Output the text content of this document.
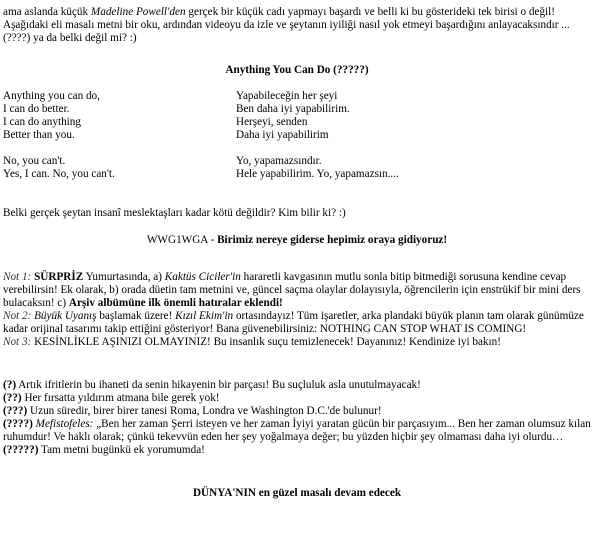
ama aslanda küçük Madeline Powell'den gerçek bir küçük cadı yapmayı başardı ve belli ki bu gösterideki tek birisi o değil! Aşağıdaki eli masalı metni bir oku, ardından videoyu da izle ve şeytanın iyiliği nasıl yok etmeyi başardığını anlayacaksındır ... (????) ya da belki değil mi? :)

Anything You Can Do (?????)

Anything you can do,	Yapabileceğin her şeyi
I can do better.	Ben daha iyi yapabilirim.
I can do anything	Herşeyi, senden
Better than you.	Daha iyi yapabilirim
No, you can't.	Yo, yapamazsındır.
Yes, I can. No, you can't.	Hele yapabilirim. Yo, yapamazsın....

Belki gerçek şeytan insanî meslektaşları kadar kötü değildir? Kim bilir ki? :)

WWG1WGA - Birimiz nereye giderse hepimiz oraya gidiyoruz!

Not 1: SÜRPRİZ Yumurtasında, a) Kaktüs Ciciler'in hararetli kavgasının mutlu sonla bitip bitmediği sorusuna kendine cevap verebilirsin! Ek olarak, b) orada düetin tam metnini ve, güncel saçma olaylar dolayısıyla, öğrencilerin için enstrükif bir mini ders bulacaksın! c) Arşiv albümüne ilk önemli hatıralar eklendi!

Not 2: Büyük Uyanış başlamak üzere! Kızıl Ekim'in ortasındayız! Tüm işaretler, arka plandaki büyük planın tam olarak günümüze kadar orijinal tasarımı takip ettiğini gösteriyor! Bana güvenebilirsiniz: NOTHING CAN STOP WHAT IS COMING!

Not 3: KESİNLİKLE AŞINIZI OLMAYINIZ! Bu insanlık suçu temizlenecek! Dayanınız! Kendinize iyi bakın!

(?) Artık ifritlerin bu ihaneti da senin hikayenin bir parçası! Bu suçluluk asla unutulmayacak!

(??) Her fırsatta yıldırım atmana bile gerek yok!

(???) Uzun süredir, birer birer tanesi Roma, Londra ve Washington D.C.'de bulunur!

(????) Mefistofeles: „Ben her zaman Şerri isteyen ve her zaman İyiyi yaratan gücün bir parçasıyım... Ben her zaman olumsuz kılan ruhumdur! Ve haklı olarak; çünkü tekevvün eden her şey yoğalmaya değer; bu yüzden hiçbir şey olmaması daha iyi olurdu…

(?????) Tam metni bugünkü ek yorumumda!

DÜNYA'NIN en güzel masalı devam edecek
